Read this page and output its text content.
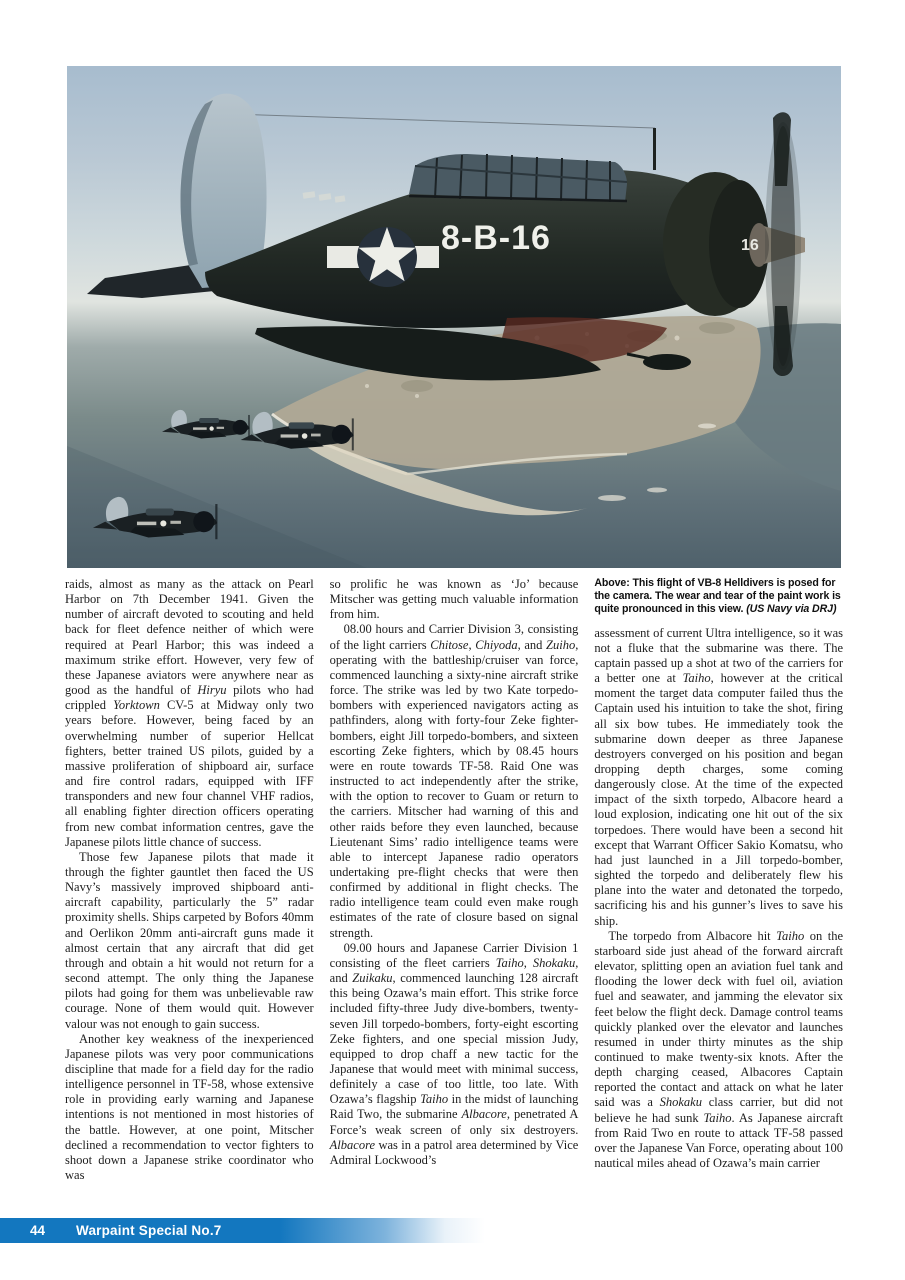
8-B-16	16

raids, almost as many as the attack on Pearl Harbor on 7th December 1941. Given the number of aircraft devoted to scouting and held back for fleet defence neither of which were required at Pearl Harbor; this was indeed a maximum strike effort. However, very few of these Japanese aviators were anywhere near as good as the handful of Hiryu pilots who had crippled Yorktown CV-5 at Midway only two years before. However, being faced by an overwhelming number of superior Hellcat fighters, better trained US pilots, guided by a massive proliferation of shipboard air, surface and fire control radars, equipped with IFF transponders and new four channel VHF radios, all enabling fighter direction officers operating from new combat information centres, gave the Japanese pilots little chance of success.

Those few Japanese pilots that made it through the fighter gauntlet then faced the US Navy’s massively improved shipboard anti-aircraft capability, particularly the 5” radar proximity shells. Ships carpeted by Bofors 40mm and Oerlikon 20mm anti-aircraft guns made it almost certain that any aircraft that did get through and obtain a hit would not return for a second attempt. The only thing the Japanese pilots had going for them was unbelievable raw courage. None of them would quit. However valour was not enough to gain success.

Another key weakness of the inexperienced Japanese pilots was very poor communications discipline that made for a field day for the radio intelligence personnel in TF-58, whose extensive role in providing early warning and Japanese intentions is not mentioned in most histories of the battle. However, at one point, Mitscher declined a recommendation to vector fighters to shoot down a Japanese strike coordinator who was

so prolific he was known as ‘Jo’ because Mitscher was getting much valuable information from him.

08.00 hours and Carrier Division 3, consisting of the light carriers Chitose, Chiyoda, and Zuiho, operating with the battleship/cruiser van force, commenced launching a sixty-nine aircraft strike force. The strike was led by two Kate torpedo-bombers with experienced navigators acting as pathfinders, along with forty-four Zeke fighter-bombers, eight Jill torpedo-bombers, and sixteen escorting Zeke fighters, which by 08.45 hours were en route towards TF-58. Raid One was instructed to act independently after the strike, with the option to recover to Guam or return to the carriers. Mitscher had warning of this and other raids before they even launched, because Lieutenant Sims’ radio intelligence teams were able to intercept Japanese radio operators undertaking pre-flight checks that were then confirmed by additional in flight checks. The radio intelligence team could even make rough estimates of the rate of closure based on signal strength.

09.00 hours and Japanese Carrier Division 1 consisting of the fleet carriers Taiho, Shokaku, and Zuikaku, commenced launching 128 aircraft this being Ozawa’s main effort. This strike force included fifty-three Judy dive-bombers, twenty-seven Jill torpedo-bombers, forty-eight escorting Zeke fighters, and one special mission Judy, equipped to drop chaff a new tactic for the Japanese that would meet with minimal success, definitely a case of too little, too late. With Ozawa’s flagship Taiho in the midst of launching Raid Two, the submarine Albacore, penetrated A Force’s weak screen of only six destroyers. Albacore was in a patrol area determined by Vice Admiral Lockwood’s

Above: This flight of VB-8 Helldivers is posed for the camera. The wear and tear of the paint work is quite pronounced in this view. (US Navy via DRJ)

assessment of current Ultra intelligence, so it was not a fluke that the submarine was there. The captain passed up a shot at two of the carriers for a better one at Taiho, however at the critical moment the target data computer failed thus the Captain used his intuition to take the shot, firing all six bow tubes. He immediately took the submarine down deeper as three Japanese destroyers converged on his position and began dropping depth charges, some coming dangerously close. At the time of the expected impact of the sixth torpedo, Albacore heard a loud explosion, indicating one hit out of the six torpedoes. There would have been a second hit except that Warrant Officer Sakio Komatsu, who had just launched in a Jill torpedo-bomber, sighted the torpedo and deliberately flew his plane into the water and detonated the torpedo, sacrificing his and his gunner’s lives to save his ship.

The torpedo from Albacore hit Taiho on the starboard side just ahead of the forward aircraft elevator, splitting open an aviation fuel tank and flooding the lower deck with fuel oil, aviation fuel and seawater, and jamming the elevator six feet below the flight deck. Damage control teams quickly planked over the elevator and launches resumed in under thirty minutes as the ship continued to make twenty-six knots. After the depth charging ceased, Albacores Captain reported the contact and attack on what he later said was a Shokaku class carrier, but did not believe he had sunk Taiho. As Japanese aircraft from Raid Two en route to attack TF-58 passed over the Japanese Van Force, operating about 100 nautical miles ahead of Ozawa’s main carrier

44 Warpaint Special No.7
